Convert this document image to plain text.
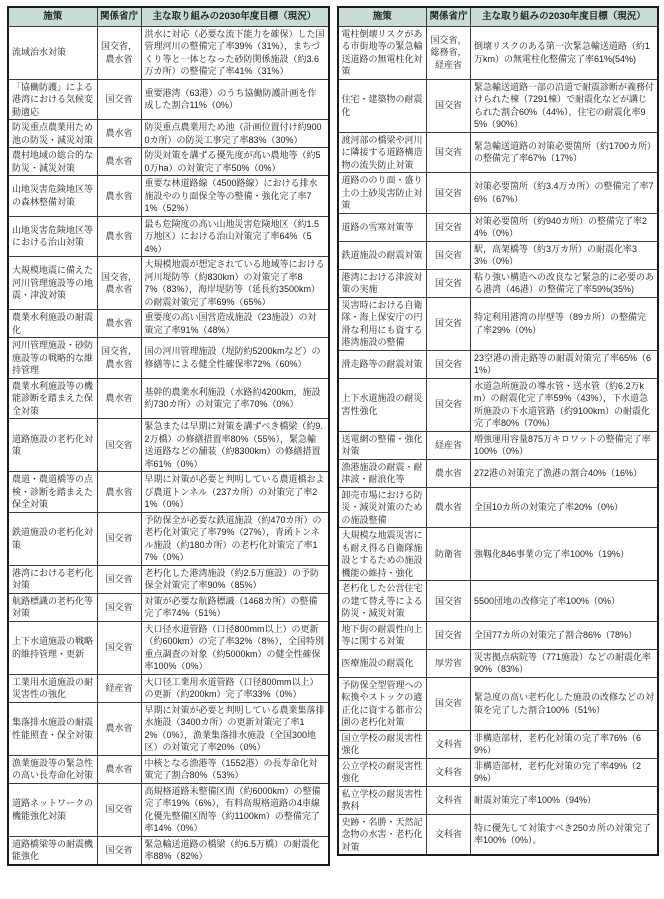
施策	関係省庁	主な取り組みの2030年度目標（現況）
流域治水対策	国交省，農水省	洪水に対応（必要な流下能力を確保）した国管理河川の整備完了率39%（31%），まちづくり等と一体となった砂防関係施設（約3.6万カ所）の整備完了率41%（31%）
「協働防護」による港湾における気候変動適応	国交省	重要港湾（63港）のうち協働防護計画を作成した割合11%（0%）
防災重点農業用ため池の防災・減災対策	農水省	防災重点農業用ため池（計画位置付け約9000カ所）の防災工事完了率83%（30%）
農村地域の総合的な防災・減災対策	農水省	防災対策を講ずる優先度が高い農地等（約50万ha）の対策完了率50%（0%）
山地災害危険地区等の森林整備対策	農水省	重要な林道路線（4500路線）における排水施設やのり面保全等の整備・強化完了率71%（52%）
山地災害危険地区等における治山対策	農水省	最も危険度の高い山地災害危険地区（約1.5万地区）における治山対策完了率64%（54%）
大規模地震に備えた河川管理施設等の地震・津波対策	国交省，農水省	大規模地震が想定されている地域等における河川堤防等（約830km）の対策完了率87%（83%），海岸堤防等（延長約3500km）の耐震対策完了率69%（65%）
農業水利施設の耐震化	農水省	重要度の高い国営造成施設（23施設）の対策完了率91%（48%）
河川管理施設・砂防施設等の戦略的な維持管理	国交省，農水省	国の河川管理施設（堤防約5200kmなど）の修繕等による健全性確保率72%（60%）
農業水利施設等の機能診断を踏まえた保全対策	農水省	基幹的農業水利施設（水路約4200km，施設約730カ所）の対策完了率70%（0%）
道路施設の老朽化対策	国交省	緊急または早期に対策を講ずべき橋梁（約9.2万橋）の修繕措置率80%（55%），緊急輸送道路などの舗装（約8300km）の修繕措置率61%（0%）
農道・農道橋等の点検・診断を踏まえた保全対策	農水省	早期に対策が必要と判明している農道橋および農道トンネル（237カ所）の対策完了率21%（0%）
鉄道施設の老朽化対策	国交省	予防保全が必要な鉄道施設（約470カ所）の老朽化対策完了率79%（27%），青函トンネル施設（約180カ所）の老朽化対策完了率17%（0%）
港湾における老朽化対策	国交省	老朽化した港湾施設（約2.5万施設）の予防保全対策完了率90%（85%）
航路標識の老朽化等対策	国交省	対策が必要な航路標識（1468カ所）の整備完了率74%（51%）
上下水道施設の戦略的維持管理・更新	国交省	大口径水道管路（口径800mm以上）の更新（約600km）の完了率32%（8%），全国特別重点調査の対象（約5000km）の健全性確保率100%（0%）
工業用水道施設の耐災害性の強化	経産省	大口径工業用水道管路（口径800mm以上）の更新（約200km）完了率33%（0%）
集落排水施設の耐震性能照査・保全対策	農水省	早期に対策が必要と判明している農業集落排水施設（3400カ所）の更新対策完了率12%（0%），漁業集落排水施設（全国300地区）の対策完了率20%（0%）
漁業施設等の緊急性の高い長寿命化対策	農水省	中核となる漁港等（1552港）の長寿命化対策完了割合80%（53%）
道路ネットワークの機能強化対策	国交省	高規格道路未整備区間（約6000km）の整備完了率19%（6%），有料高規格道路の4車線化優先整備区間等（約1100km）の整備完了率14%（0%）
道路橋梁等の耐震機能強化	国交省	緊急輸送道路の橋梁（約6.5万橋）の耐震化率88%（82%）
施策	関係省庁	主な取り組みの2030年度目標（現況）
電柱倒壊リスクがある市街地等の緊急輸送道路の無電柱化対策	国交省，総務省，経産省	倒壊リスクのある第一次緊急輸送道路（約1万km）の無電柱化整備完了率61%(54%)
住宅・建築物の耐震化	国交省	緊急輸送道路一部の沿道で耐震診断が義務付けられた棟（7291棟）で耐震化などが講じられた割合60%（44%），住宅の耐震化率95%（90%）
渡河部の橋梁や河川に隣接する道路構造物の流失防止対策	国交省	緊急輸送道路の対策必要箇所（約1700カ所）の整備完了率67%（17%）
道路ののり面・盛り土の土砂災害防止対策	国交省	対策必要箇所（約3.4万カ所）の整備完了率76%（67%）
道路の雪寒対策等	国交省	対策必要箇所（約940カ所）の整備完了率24%（0%）
鉄道施設の耐震対策	国交省	駅，高架橋等（約3万カ所）の耐震化率33%（0%）
港湾における津波対策の実施	国交省	粘り強い構造への改良など緊急的に必要のある港湾（46港）の整備完了率59%(35%)
災害時における自衛隊・海上保安庁の円滑な利用にも資する港湾施設の整備	国交省	特定利用港湾の岸壁等（89カ所）の整備完了率29%（0%）
滑走路等の耐震対策	国交省	23空港の滑走路等の耐震対策完了率65%（61%）
上下水道施設の耐災害性強化	国交省	水道急所施設の導水管・送水管（約6.2万km）の耐震化完了率59%（43%），下水道急所施設の下水道管路（約9100km）の耐震化完了率80%（70%）
送電網の整備・強化対策	経産省	増強運用容量875万キロワットの整備完了率100%（0%）
漁港施設の耐震・耐津波・耐浪化等	農水省	272港の対策完了漁港の割合40%（16%）
卸売市場における防災・減災対策のための施設整備	農水省	全国10カ所の対策完了率20%（0%）
大規模な地震災害にも耐え得る自衛隊施設とするための施設機能の維持・強化	防衛省	強靱化846事業の完了率100%（19%）
老朽化した公営住宅の建て替え等による防災・減災対策	国交省	5500団地の改修完了率100%（0%）
地下街の耐震性向上等に関する対策	国交省	全国77カ所の対策完了割合86%（78%）
医療施設の耐震化	厚労省	災害拠点病院等（771施設）などの耐震化率90%（83%）
予防保全型管理への転換やストックの適正化に資する都市公園の老朽化対策	国交省	緊急度の高い老朽化した施設の改修などの対策を完了した割合100%（51%）
国立学校の耐災害性強化	文科省	非構造部材，老朽化対策の完了率76%（69%）
公立学校の耐災害性強化	文科省	非構造部材，老朽化対策の完了率49%（29%）
私立学校の耐災害性教科	文科省	耐震対策完了率100%（94%）
史跡・名勝・天然記念物の水害・老朽化対策	文科省	特に優先して対策すべき250カ所の対策完了率100%（0%）。
